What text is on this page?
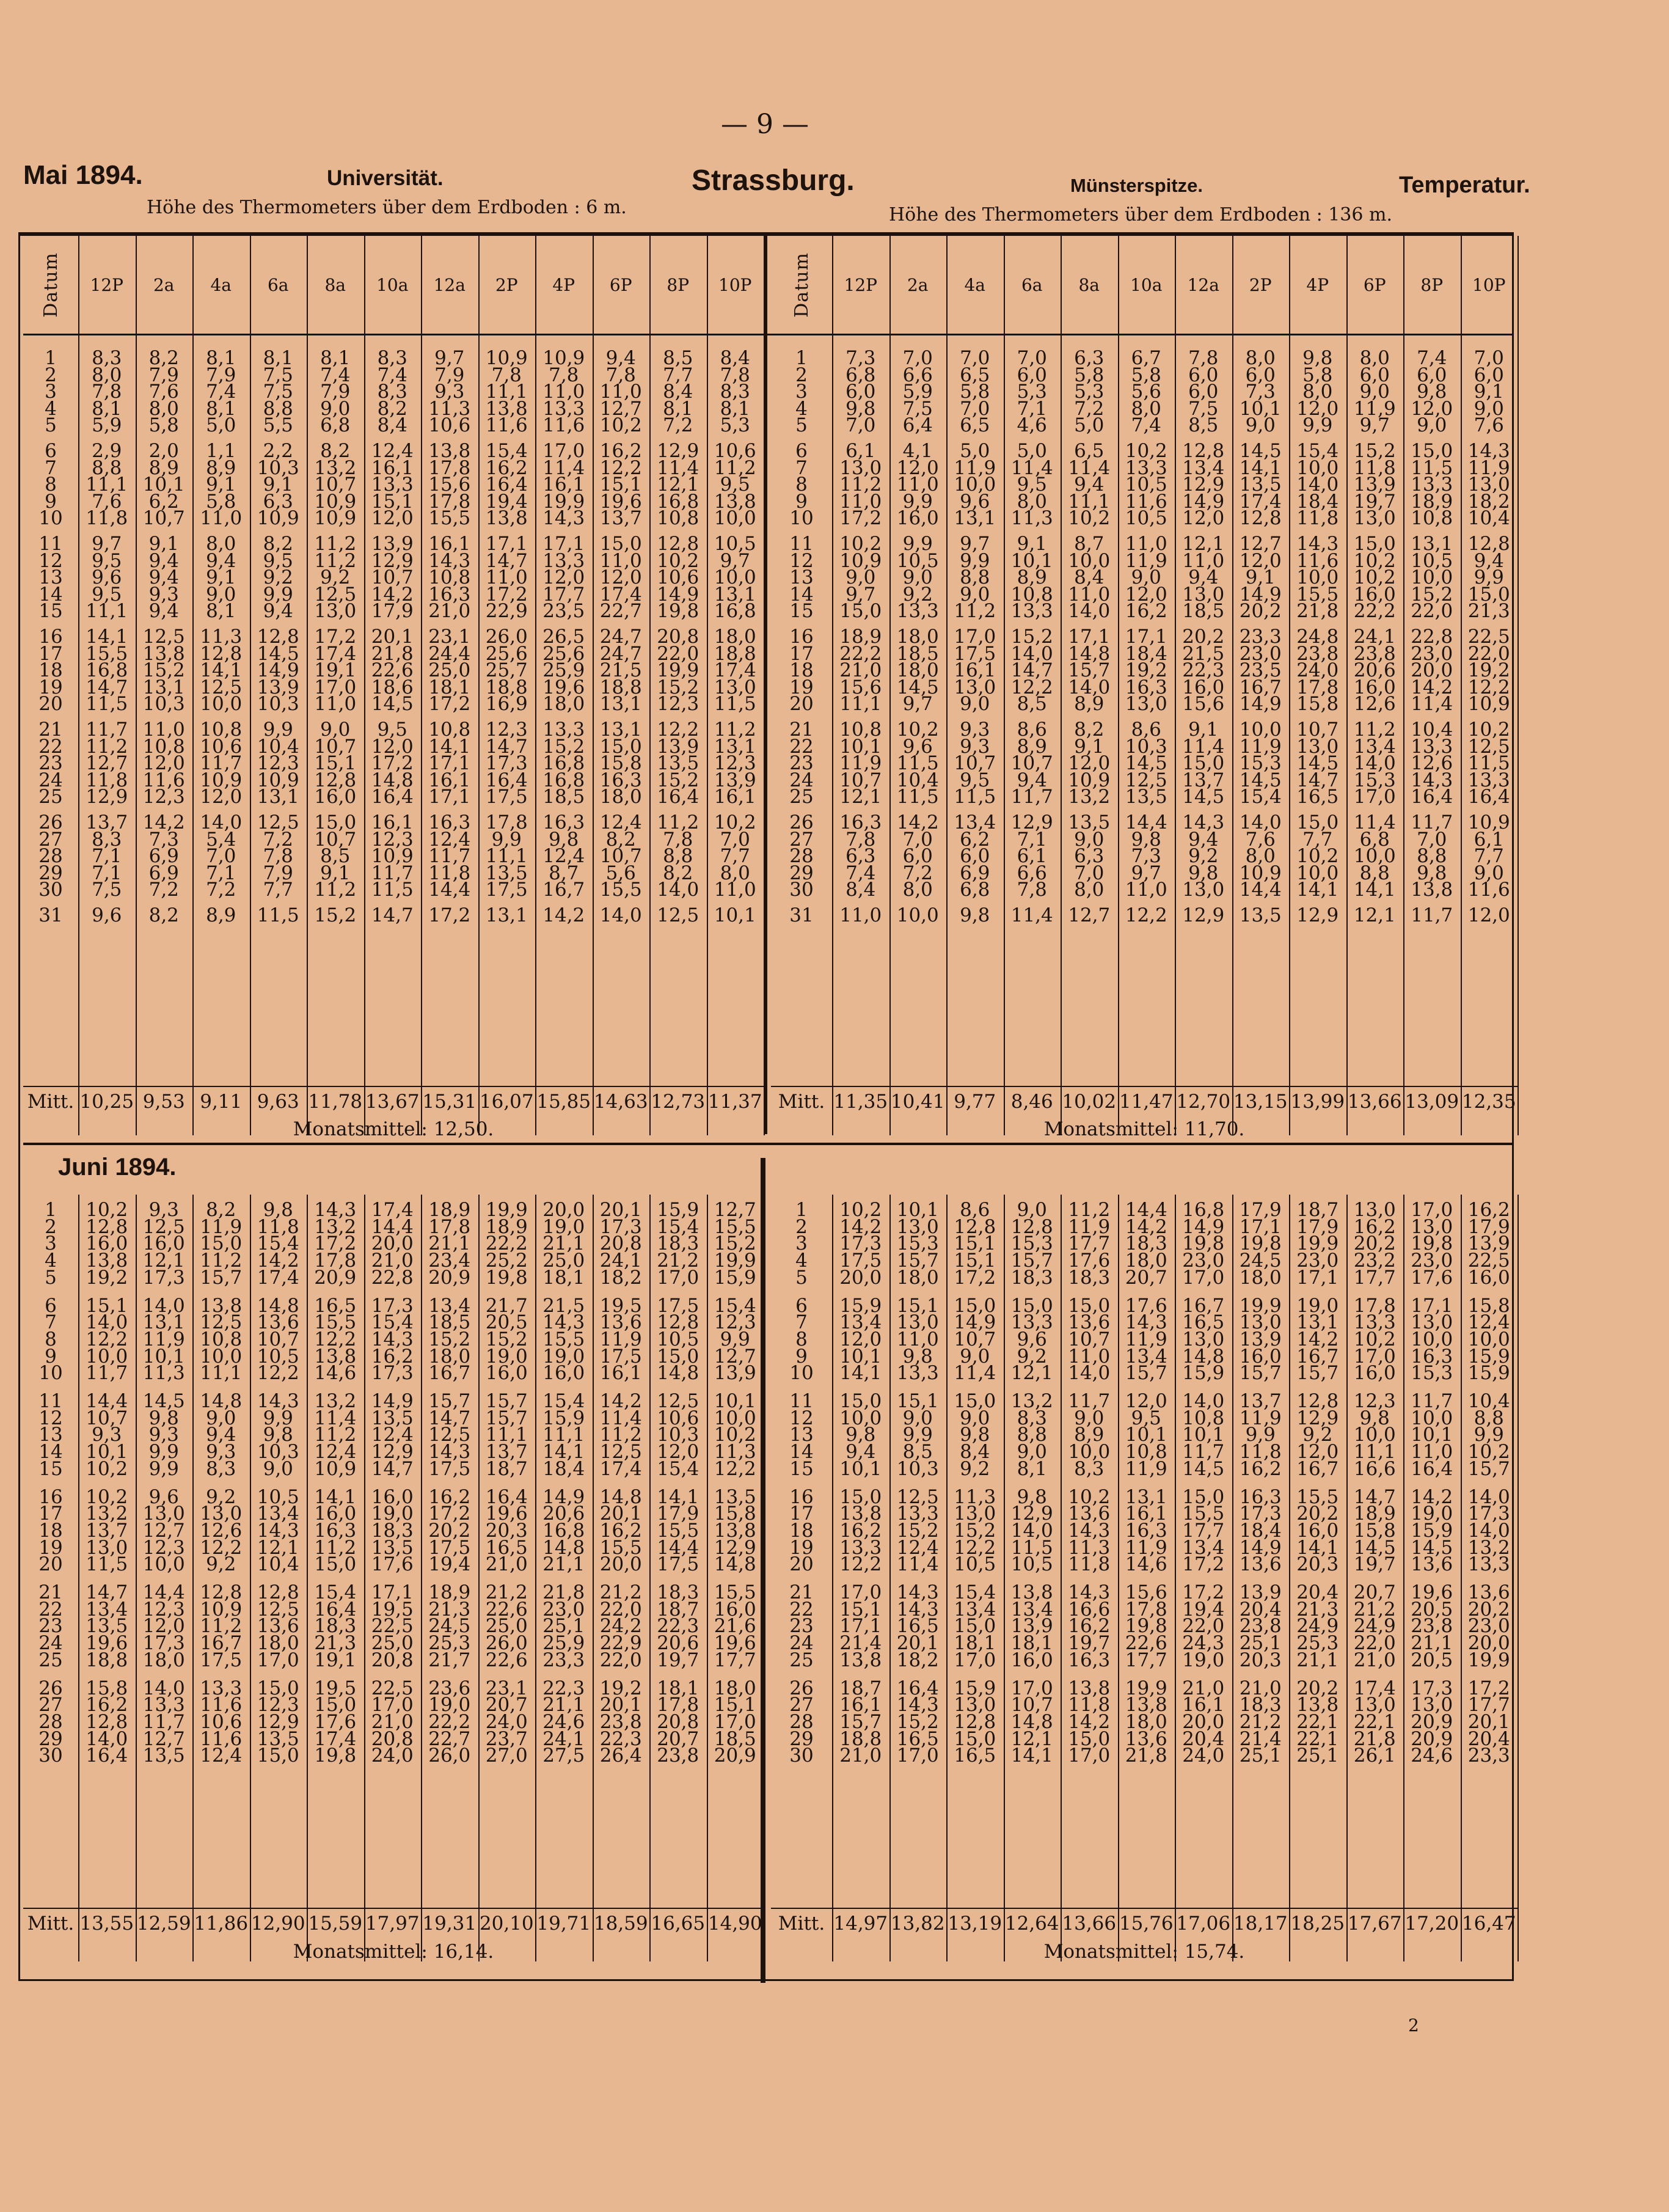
— 9 —
Mai 1894.	Universität.	Strassburg.	Münsterspitze.	Temperatur.
Höhe des Thermometers über dem Erdboden : 6 m.	Höhe des Thermometers über dem Erdboden : 136 m.
Datum	12P	2a	4a	6a	8a	10a	12a	2P	4P	6P	8P	10P	Datum	12P	2a	4a	6a	8a	10a	12a	2P	4P	6P	8P	10P
1	8,3	8,2	8,1	8,1	8,1	8,3	9,7	10,9 10,9	9,4	8,5	8,4
2	8,0	7,9	7,9	7,5	7,4	7,4	7,9	7,8	7,8	7,8	7,7	7,8
3	7,8	7,6	7,4	7,5	7,9	8,3	9,3	11,1 11,0 11,0	8,4	8,3
4	8,1	8,0	8,1	8,8	9,0	8,2	11,3 13,8 13,3 12,7	8,1	8,1
5	5,9	5,8	5,0	5,5	6,8	8,4	10,6 11,6 11,6 10,2	7,2	5,3
6	2,9	2,0	1,1	2,2	8,2	12,4 13,8 15,4 17,0 16,2 12,9 10,6
7	8,8	8,9	8,9	10,3 13,2 16,1 17,8 16,2 11,4 12,2 11,4 11,2
8	11,1 10,1	9,1	9,1	10,7 13,3 15,6 16,4 16,1 15,1 12,1	9,5
9	7,6	6,2	5,8	6,3	10,9 15,1 17,8 19,4 19,9 19,6 16,8 13,8
10	11,8 10,7 11,0 10,9 10,9 12,0 15,5 13,8 14,3 13,7 10,8 10,0
11	9,7	9,1	8,0	8,2	11,2 13,9 16,1 17,1 17,1 15,0 12,8 10,5
12	9,5	9,4	9,4	9,5	11,2 12,9 14,3 14,7 13,3 11,0 10,2	9,7
13	9,6	9,4	9,1	9,2	9,2	10,7 10,8 11,0 12,0 12,0 10,6 10,0
14	9,5	9,3	9,0	9,9	12,5 14,2 16,3 17,2 17,7 17,4 14,9 13,1
15	11,1	9,4	8,1	9,4	13,0 17,9 21,0 22,9 23,5 22,7 19,8 16,8
16	14,1 12,5 11,3 12,8 17,2 20,1 23,1 26,0 26,5 24,7 20,8 18,0
17	15,5 13,8 12,8 14,5 17,4 21,8 24,4 25,6 25,6 24,7 22,0 18,8
18	16,8 15,2 14,1 14,9 19,1 22,6 25,0 25,7 25,9 21,5 19,9 17,4
19	14,7 13,1 12,5 13,9 17,0 18,6 18,1 18,8 19,6 18,8 15,2 13,0
20	11,5 10,3 10,0 10,3 11,0 14,5 17,2 16,9 18,0 13,1 12,3 11,5
21	11,7 11,0 10,8	9,9	9,0	9,5	10,8 12,3 13,3 13,1 12,2 11,2
22	11,2 10,8 10,6 10,4 10,7 12,0 14,1 14,7 15,2 15,0 13,9 13,1
23	12,7 12,0 11,7 12,3 15,1 17,2 17,1 17,3 16,8 15,8 13,5 12,3
24	11,8 11,6 10,9 10,9 12,8 14,8 16,1 16,4 16,8 16,3 15,2 13,9
25	12,9 12,3 12,0 13,1 16,0 16,4 17,1 17,5 18,5 18,0 16,4 16,1
26	13,7 14,2 14,0 12,5 15,0 16,1 16,3 17,8 16,3 12,4 11,2 10,2
27	8,3	7,3	5,4	7,2	10,7 12,3 12,4	9,9	9,8	8,2	7,8	7,0
28	7,1	6,9	7,0	7,8	8,5	10,9 11,7 11,1 12,4 10,7	8,8	7,7
29	7,1	6,9	7,1	7,9	9,1	11,7 11,8 13,5	8,7	5,6	8,2	8,0
30	7,5	7,2	7,2	7,7	11,2 11,5 14,4 17,5 16,7 15,5 14,0 11,0
31	9,6	8,2	8,9	11,5 15,2 14,7 17,2 13,1 14,2 14,0 12,5 10,1
Mitt. 10,25 9,53 9,11 9,63 11,78 13,67 15,31 16,07 15,85 14,63 12,73 11,37
Monatsmittel: 12,50.
1	7,3	7,0	7,0	7,0	6,3	6,7	7,8	8,0	9,8	8,0	7,4	7,0
2	6,8	6,6	6,5	6,0	5,8	5,8	6,0	6,0	5,8	6,0	6,0	6,0
3	6,0	5,9	5,8	5,3	5,3	5,6	6,0	7,3	8,0	9,0	9,8	9,1
4	9,8	7,5	7,0	7,1	7,2	8,0	7,5	10,1 12,0 11,9 12,0	9,0
5	7,0	6,4	6,5	4,6	5,0	7,4	8,5	9,0	9,9	9,7	9,0	7,6
6	6,1	4,1	5,0	5,0	6,5	10,2 12,8 14,5 15,4 15,2 15,0 14,3
7	13,0 12,0 11,9 11,4 11,4 13,3 13,4 14,1 10,0 11,8 11,5 11,9
8	11,2 11,0 10,0	9,5	9,4	10,5 12,9 13,5 14,0 13,9 13,3 13,0
9	11,0	9,9	9,6	8,0	11,1 11,6 14,9 17,4 18,4 19,7 18,9 18,2
10	17,2 16,0 13,1 11,3 10,2 10,5 12,0 12,8 11,8 13,0 10,8 10,4
11	10,2	9,9	9,7	9,1	8,7	11,0 12,1 12,7 14,3 15,0 13,1 12,8
12	10,9 10,5	9,9	10,1 10,0 11,9 11,0 12,0 11,6 10,2 10,5	9,4
13	9,0	9,0	8,8	8,9	8,4	9,0	9,4	9,1	10,0 10,2 10,0	9,9
14	9,7	9,2	9,0	10,8 11,0 12,0 13,0 14,9 15,5 16,0 15,2 15,0
15	15,0 13,3 11,2 13,3 14,0 16,2 18,5 20,2 21,8 22,2 22,0 21,3
16	18,9 18,0 17,0 15,2 17,1 17,1 20,2 23,3 24,8 24,1 22,8 22,5
17	22,2 18,5 17,5 14,0 14,8 18,4 21,5 23,0 23,8 23,8 23,0 22,0
18	21,0 18,0 16,1 14,7 15,7 19,2 22,3 23,5 24,0 20,6 20,0 19,2
19	15,6 14,5 13,0 12,2 14,0 16,3 16,0 16,7 17,8 16,0 14,2 12,2
20	11,1	9,7	9,0	8,5	8,9	13,0 15,6 14,9 15,8 12,6 11,4 10,9
21	10,8 10,2	9,3	8,6	8,2	8,6	9,1	10,0 10,7 11,2 10,4 10,2
22	10,1	9,6	9,3	8,9	9,1	10,3 11,4 11,9 13,0 13,4 13,3 12,5
23	11,9 11,5 10,7 10,7 12,0 14,5 15,0 15,3 14,5 14,0 12,6 11,5
24	10,7 10,4	9,5	9,4	10,9 12,5 13,7 14,5 14,7 15,3 14,3 13,3
25	12,1 11,5 11,5 11,7 13,2 13,5 14,5 15,4 16,5 17,0 16,4 16,4
26	16,3 14,2 13,4 12,9 13,5 14,4 14,3 14,0 15,0 11,4 11,7 10,9
27	7,8	7,0	6,2	7,1	9,0	9,8	9,4	7,6	7,7	6,8	7,0	6,1
28	6,3	6,0	6,0	6,1	6,3	7,3	9,2	8,0	10,2 10,0	8,8	7,7
29	7,4	7,2	6,9	6,6	7,0	9,7	9,8	10,9 10,0	8,8	9,8	9,0
30	8,4	8,0	6,8	7,8	8,0	11,0 13,0 14,4 14,1 14,1 13,8 11,6
31	11,0 10,0	9,8	11,4 12,7 12,2 12,9 13,5 12,9 12,1 11,7 12,0
Mitt. 11,35 10,41 9,77 8,46 10,02 11,47 12,70 13,15 13,99 13,66 13,09 12,35
Monatsmittel: 11,70.
Juni 1894.
1	10,2	9,3	8,2	9,8	14,3 17,4 18,9 19,9 20,0 20,1 15,9 12,7
2	12,8 12,5 11,9 11,8 13,2 14,4 17,8 18,9 19,0 17,3 15,4 15,5
3	16,0 16,0 15,0 15,4 17,2 20,0 21,1 22,2 21,1 20,8 18,3 15,2
4	13,8 12,1 11,2 14,2 17,8 21,0 23,4 25,2 25,0 24,1 21,2 19,9
5	19,2 17,3 15,7 17,4 20,9 22,8 20,9 19,8 18,1 18,2 17,0 15,9
6	15,1 14,0 13,8 14,8 16,5 17,3 13,4 21,7 21,5 19,5 17,5 15,4
7	14,0 13,1 12,5 13,6 15,5 15,4 18,5 20,5 14,3 13,6 12,8 12,3
8	12,2 11,9 10,8 10,7 12,2 14,3 15,2 15,2 15,5 11,9 10,5	9,9
9	10,0 10,1 10,0 10,5 13,8 16,2 18,0 19,0 19,0 17,5 15,0 12,7
10	11,7 11,3 11,1 12,2 14,6 17,3 16,7 16,0 16,0 16,1 14,8 13,9
11	14,4 14,5 14,8 14,3 13,2 14,9 15,7 15,7 15,4 14,2 12,5 10,1
12	10,7	9,8	9,0	9,9	11,4 13,5 14,7 15,7 15,9 11,4 10,6 10,0
13	9,3	9,3	9,4	9,8	11,2 12,4 12,5 11,1 11,1 11,2 10,3 10,2
14	10,1	9,9	9,3	10,3 12,4 12,9 14,3 13,7 14,1 12,5 12,0 11,3
15	10,2	9,9	8,3	9,0	10,9 14,7 17,5 18,7 18,4 17,4 15,4 12,2
16	10,2	9,6	9,2	10,5 14,1 16,0 16,2 16,4 14,9 14,8 14,1 13,5
17	13,2 13,0 13,0 13,4 16,0 19,0 17,2 19,6 20,6 20,1 17,9 15,8
18	13,7 12,7 12,6 14,3 16,3 18,3 20,2 20,3 16,8 16,2 15,5 13,8
19	13,0 12,3 12,2 12,1 11,2 13,5 17,5 16,5 14,8 15,5 14,4 12,9
20	11,5 10,0	9,2	10,4 15,0 17,6 19,4 21,0 21,1 20,0 17,5 14,8
21	14,7 14,4 12,8 12,8 15,4 17,1 18,9 21,2 21,8 21,2 18,3 15,5
22	13,4 12,3 10,9 12,5 16,4 19,5 21,3 22,6 23,0 22,0 18,7 16,0
23	13,5 12,0 11,2 13,6 18,3 22,5 24,5 25,0 25,1 24,2 22,3 21,6
24	19,6 17,3 16,7 18,0 21,3 25,0 25,3 26,0 25,9 22,9 20,6 19,6
25	18,8 18,0 17,5 17,0 19,1 20,8 21,7 22,6 23,3 22,0 19,7 17,7
26	15,8 14,0 13,3 15,0 19,5 22,5 23,6 23,1 22,3 19,2 18,1 18,0
27	16,2 13,3 11,6 12,3 15,0 17,0 19,0 20,7 21,1 20,1 17,8 15,1
28	12,8 11,7 10,6 12,9 17,6 21,0 22,2 24,0 24,6 23,8 20,8 17,0
29	14,0 12,7 11,6 13,5 17,4 20,8 22,7 23,7 24,1 22,3 20,7 18,5
30	16,4 13,5 12,4 15,0 19,8 24,0 26,0 27,0 27,5 26,4 23,8 20,9
Mitt. 13,55 12,59 11,86 12,90 15,59 17,97 19,31 20,10 19,71 18,59 16,65 14,90
Monatsmittel: 16,14.
1	10,2 10,1	8,6	9,0	11,2 14,4 16,8 17,9 18,7 13,0 17,0 16,2
2	14,2 13,0 12,8 12,8 11,9 14,2 14,9 17,1 17,9 16,2 13,0 17,9
3	17,3 15,3 15,1 15,3 17,7 18,3 19,8 19,8 19,9 20,2 19,8 13,9
4	17,5 15,7 15,1 15,7 17,6 18,0 23,0 24,5 23,0 23,2 23,0 22,5
5	20,0 18,0 17,2 18,3 18,3 20,7 17,0 18,0 17,1 17,7 17,6 16,0
6	15,9 15,1 15,0 15,0 15,0 17,6 16,7 19,9 19,0 17,8 17,1 15,8
7	13,4 13,0 14,9 13,3 13,6 14,3 16,5 13,0 13,1 13,3 13,0 12,4
8	12,0 11,0 10,7	9,6	10,7 11,9 13,0 13,9 14,2 10,2 10,0 10,0
9	10,1	9,8	9,0	9,2	11,0 13,4 14,8 16,0 16,7 17,0 16,3 15,9
10	14,1 13,3 11,4 12,1 14,0 15,7 15,9 15,7 15,7 16,0 15,3 15,9
11	15,0 15,1 15,0 13,2 11,7 12,0 14,0 13,7 12,8 12,3 11,7 10,4
12	10,0	9,0	9,0	8,3	9,0	9,5	10,8 11,9 12,9	9,8	10,0	8,8
13	9,8	9,9	9,8	8,8	8,9	10,1 10,1	9,9	9,2	10,0 10,1	9,9
14	9,4	8,5	8,4	9,0	10,0 10,8 11,7 11,8 12,0 11,1 11,0 10,2
15	10,1 10,3	9,2	8,1	8,3	11,9 14,5 16,2 16,7 16,6 16,4 15,7
16	15,0 12,5 11,3	9,8	10,2 13,1 15,0 16,3 15,5 14,7 14,2 14,0
17	13,8 13,3 13,0 12,9 13,6 16,1 15,5 17,3 20,2 18,9 19,0 17,3
18	16,2 15,2 15,2 14,0 14,3 16,3 17,7 18,4 16,0 15,8 15,9 14,0
19	13,3 12,4 12,2 11,5 11,3 11,9 13,4 14,9 14,1 14,5 14,5 13,2
20	12,2 11,4 10,5 10,5 11,8 14,6 17,2 13,6 20,3 19,7 13,6 13,3
21	17,0 14,3 15,4 13,8 14,3 15,6 17,2 13,9 20,4 20,7 19,6 13,6
22	15,1 14,3 13,4 13,4 16,6 17,8 19,4 20,4 21,3 21,2 20,5 20,2
23	17,1 16,5 15,0 13,9 16,2 19,8 22,0 23,8 24,9 24,9 23,8 23,0
24	21,4 20,1 18,1 18,1 19,7 22,6 24,3 25,1 25,3 22,0 21,1 20,0
25	13,8 18,2 17,0 16,0 16,3 17,7 19,0 20,3 21,1 21,0 20,5 19,9
26	18,7 16,4 15,9 17,0 13,8 19,9 21,0 21,0 20,2 17,4 17,3 17,2
27	16,1 14,3 13,0 10,7 11,8 13,8 16,1 18,3 13,8 13,0 13,0 17,7
28	15,7 15,2 12,8 14,8 14,2 18,0 20,0 21,2 22,1 22,1 20,9 20,1
29	18,8 16,5 15,0 12,1 15,0 13,6 20,4 21,4 22,1 21,8 20,9 20,4
30	21,0 17,0 16,5 14,1 17,0 21,8 24,0 25,1 25,1 26,1 24,6 23,3
Mitt. 14,97 13,82 13,19 12,64 13,66 15,76 17,06 18,17 18,25 17,67 17,20 16,47
Monatsmittel: 15,74.
2
